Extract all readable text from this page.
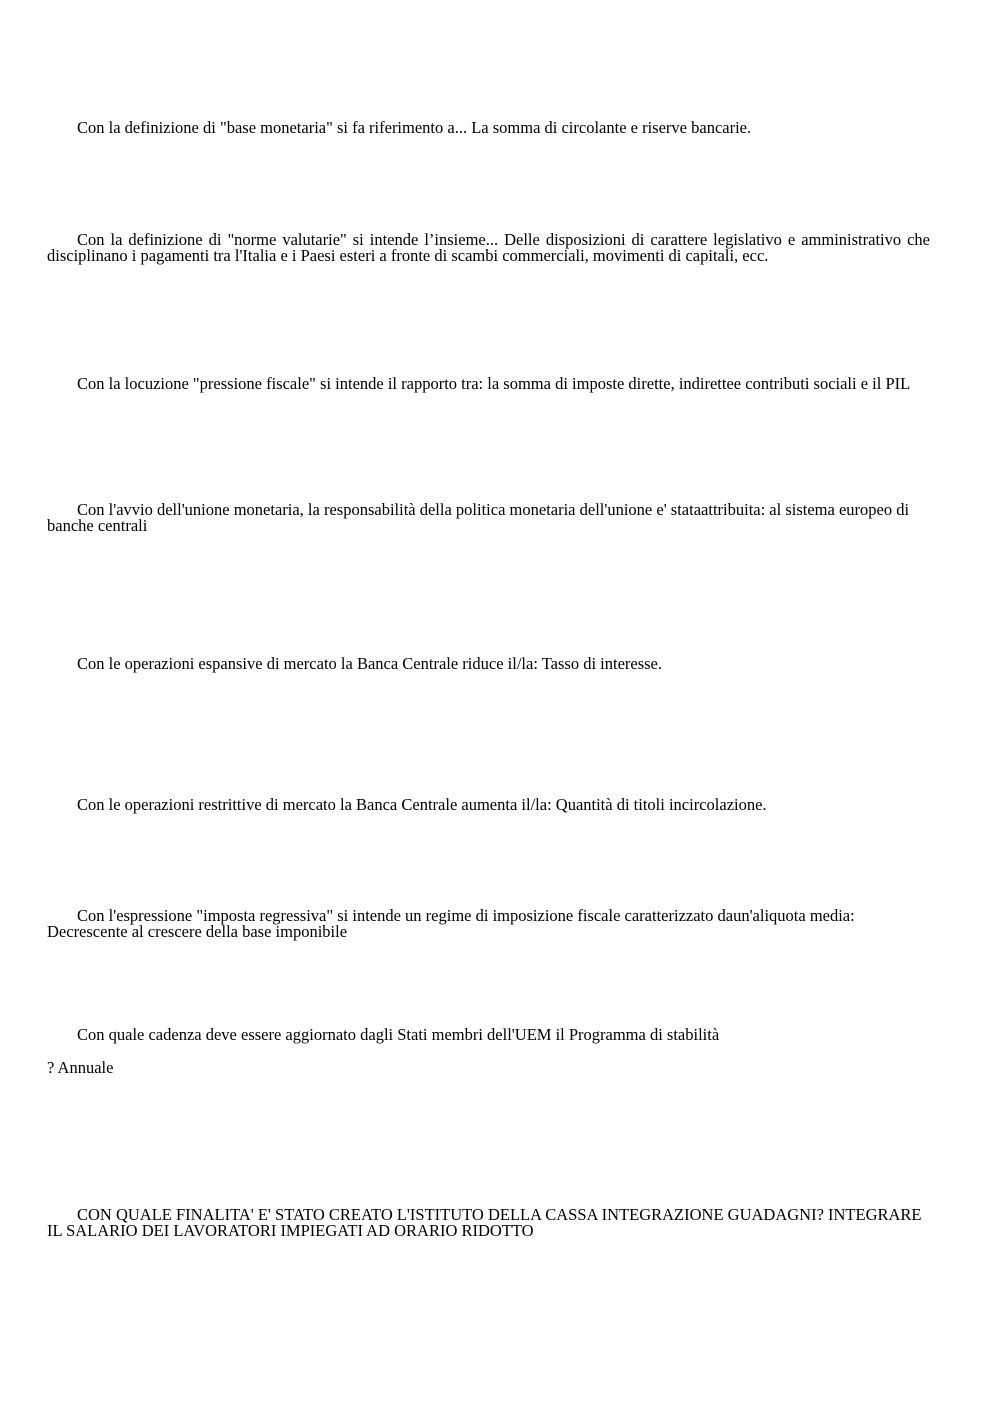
Con la definizione di "base monetaria" si fa riferimento a... La somma di circolante e riserve bancarie.

Con la definizione di "norme valutarie" si intende l’insieme... Delle disposizioni di carattere legislativo e amministrativo che disciplinano i pagamenti tra l'Italia e i Paesi esteri a fronte di scambi commerciali, movimenti di capitali, ecc.

Con la locuzione "pressione fiscale" si intende il rapporto tra: la somma di imposte dirette, indirettee contributi sociali e il PIL

Con l'avvio dell'unione monetaria, la responsabilità della politica monetaria dell'unione e' stataattribuita: al sistema europeo di banche centrali

Con le operazioni espansive di mercato la Banca Centrale riduce il/la: Tasso di interesse.

Con le operazioni restrittive di mercato la Banca Centrale aumenta il/la: Quantità di titoli incircolazione.

Con l'espressione "imposta regressiva" si intende un regime di imposizione fiscale caratterizzato daun'aliquota media: Decrescente al crescere della base imponibile

Con quale cadenza deve essere aggiornato dagli Stati membri dell'UEM il Programma di stabilità

? Annuale

CON QUALE FINALITA' E' STATO CREATO L'ISTITUTO DELLA CASSA INTEGRAZIONE GUADAGNI? INTEGRARE IL SALARIO DEI LAVORATORI IMPIEGATI AD ORARIO RIDOTTO
